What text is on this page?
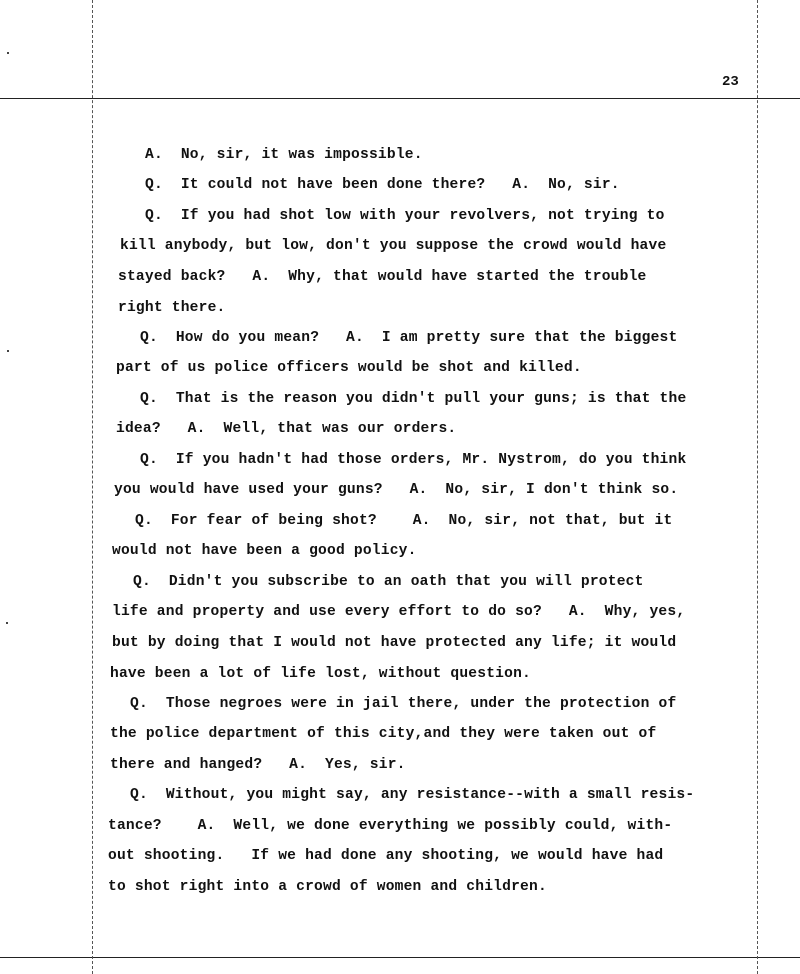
23
A.  No, sir, it was impossible.
Q.  It could not have been done there?   A.  No, sir.
Q.  If you had shot low with your revolvers, not trying to
kill anybody, but low, don't you suppose the crowd would have
stayed back?   A.  Why, that would have started the trouble
right there.
Q.  How do you mean?   A.  I am pretty sure that the biggest
part of us police officers would be shot and killed.
Q.  That is the reason you didn't pull your guns; is that the
idea?   A.  Well, that was our orders.
Q.  If you hadn't had those orders, Mr. Nystrom, do you think
you would have used your guns?   A.  No, sir, I don't think so.
Q.  For fear of being shot?    A.  No, sir, not that, but it
would not have been a good policy.
Q.  Didn't you subscribe to an oath that you will protect
life and property and use every effort to do so?   A.  Why, yes,
but by doing that I would not have protected any life; it would
have been a lot of life lost, without question.
Q.  Those negroes were in jail there, under the protection of
the police department of this city,and they were taken out of
there and hanged?   A.  Yes, sir.
Q.  Without, you might say, any resistance--with a small resis-
tance?    A.  Well, we done everything we possibly could, with-
out shooting.   If we had done any shooting, we would have had
to shot right into a crowd of women and children.
